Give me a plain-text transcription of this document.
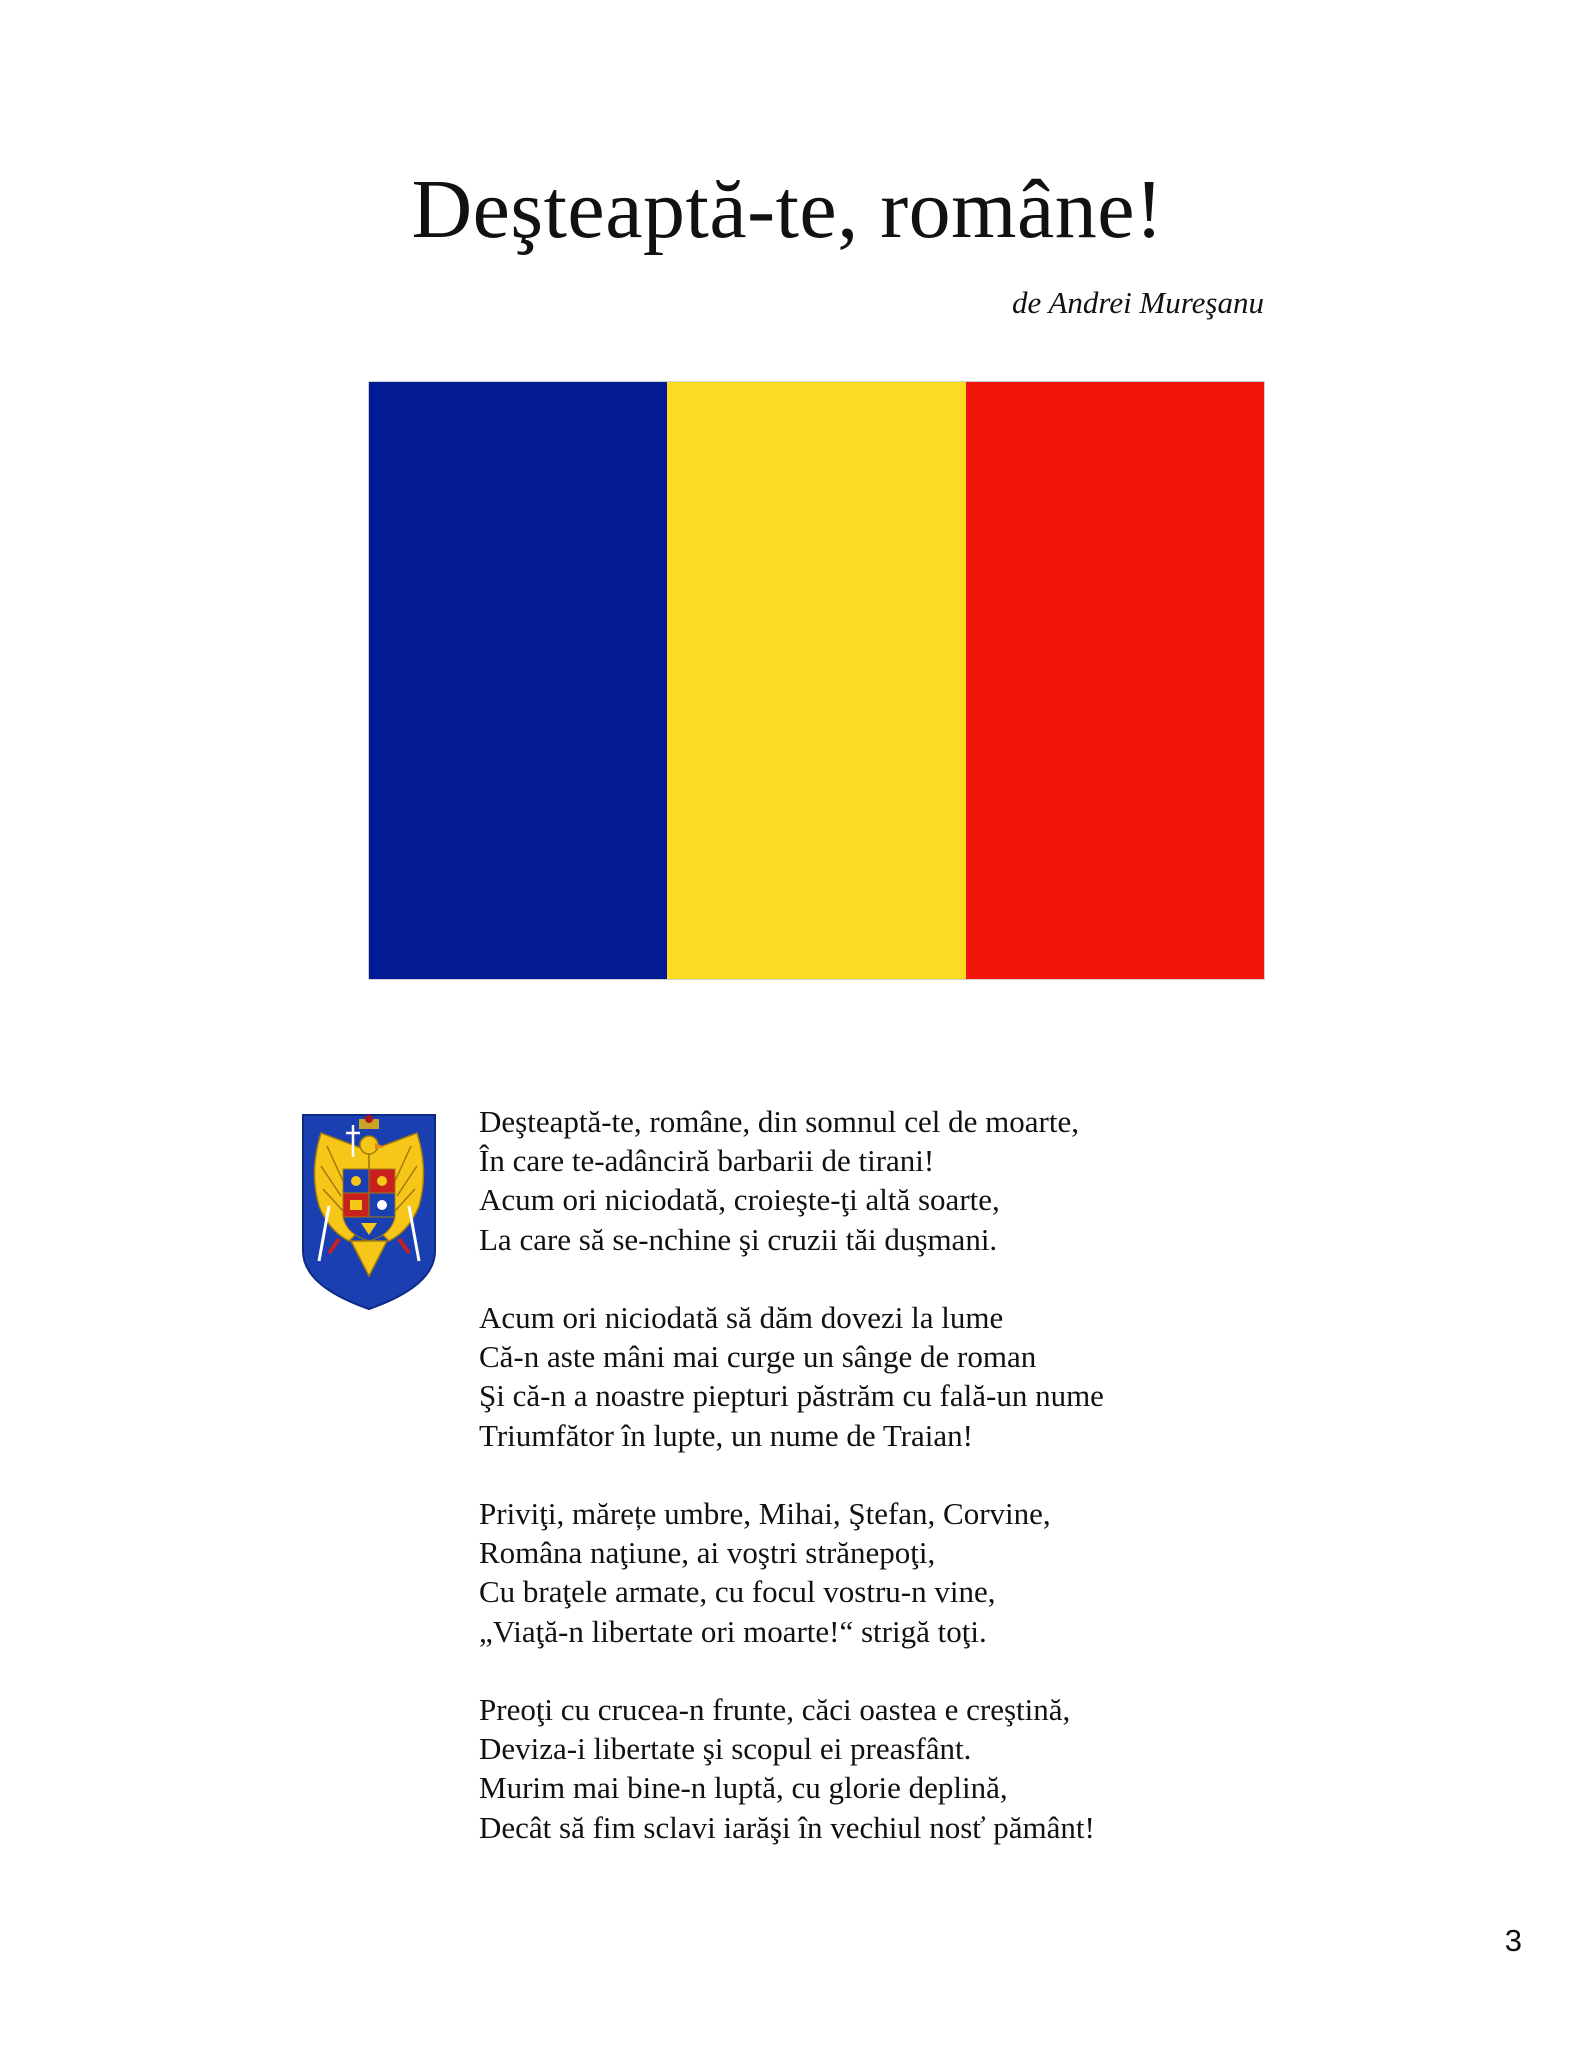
Deşteaptă-te, române!
de Andrei Mureşanu
Deşteaptă-te, române, din somnul cel de moarte,
În care te-adânciră barbarii de tirani!
Acum ori niciodată, croieşte-ţi altă soarte,
La care să se-nchine şi cruzii tăi duşmani.
Acum ori niciodată să dăm dovezi la lume
Că-n aste mâni mai curge un sânge de roman
Şi că-n a noastre piepturi păstrăm cu fală-un nume
Triumfător în lupte, un nume de Traian!
Priviţi, mărețe umbre, Mihai, Ştefan, Corvine,
Româna naţiune, ai voştri strănepoţi,
Cu braţele armate, cu focul vostru-n vine,
„Viaţă-n libertate ori moarte!“ strigă toţi.
Preoţi cu crucea-n frunte, căci oastea e creştină,
Deviza-i libertate şi scopul ei preasfânt.
Murim mai bine-n luptă, cu glorie deplină,
Decât să fim sclavi iarăşi în vechiul nosť pământ!
3
